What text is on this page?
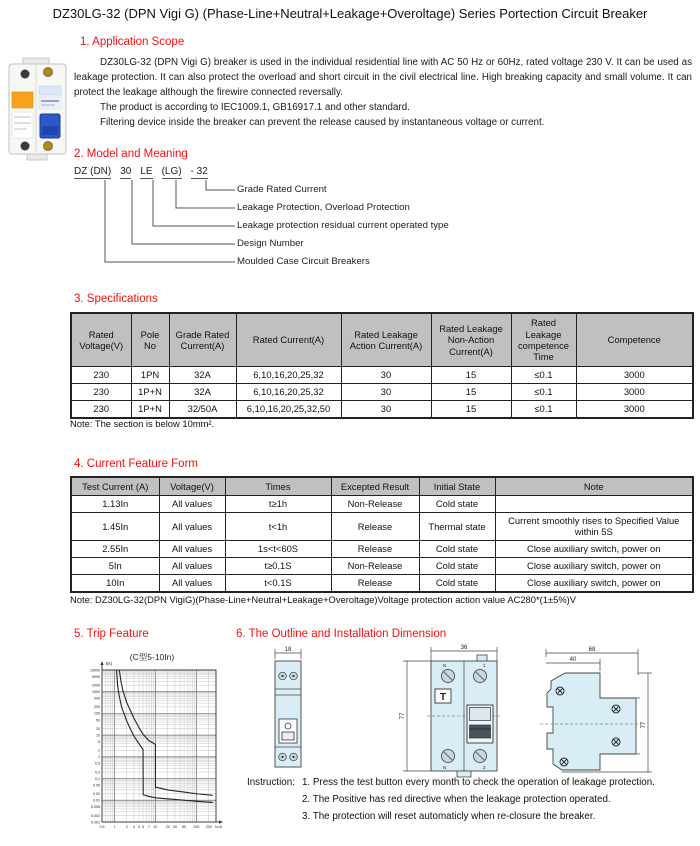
DZ30LG-32 (DPN Vigi G) (Phase-Line+Neutral+Leakage+Overoltage) Series Portection Circuit Breaker
1. Application Scope

DZ30LG-32 (DPN Vigi G) breaker is used in the individual residential line with AC 50 Hz or 60Hz, rated voltage 230 V. It can be used as leakage protection. It can also protect the overload and short circuit in the civil electrical line. High breaking capacity and small volume. It can protect the leakage although the firewire connected reversally.

The product is according to IEC1009.1, GB16917.1 and other standard.

Filtering device inside the breaker can prevent the release caused by instantaneous voltage or current.

2. Model and Meaning
DZ (DN) 30 LE (LG) - 32
Grade Rated Current
Leakage Protection, Overload Protection
Leakage protection residual current operated type
Design Number
Moulded Case Circuit Breakers
3. Specifications
Rated Voltage(V)	Pole No	Grade Rated Current(A)	Rated Current(A)	Rated Leakage Action Current(A)	Rated Leakage Non-Action Current(A)	Rated Leakage competence Time	Competence
230	1PN	32A	6,10,16,20,25,32	30	15	≤0.1	3000
230	1P+N	32A	6,10,16,20,25,32	30	15	≤0.1	3000
230	1P+N	32/50A	6,10,16,20,25,32,50	30	15	≤0.1	3000
Note: The section is below 10mm².
4. Current Feature Form
Test Current (A)	Voltage(V)	Times	Excepted Result	Initial State	Note
1.13In	All values	t≥1h	Non-Release	Cold state	
1.45In	All values	t<1h	Release	Thermal state	Current smoothly rises to Specified Value within 5S
2.55In	All values	1s<t<60S	Release	Cold state	Close auxiliary switch, power on
5In	All values	t≥0.1S	Non-Release	Cold state	Close auxiliary switch, power on
10In	All values	t<0.1S	Release	Cold state	Close auxiliary switch, power on
Note: DZ30LG-32(DPN VigiG)(Phase-Line+Neutral+Leakage+Overoltage)Voltage protection action value AC280*(1±5%)V
5. Trip Feature
(C型5-10In)
0.5 1	2 3 4 5 7 10 20 30 50 100 200
10000
5000
2000
1000
500
200
100
50
20
10
5
2
1
0.5
0.2
0.1
0.05
0.02
0.01
0.005
0.002
0.001
t(s)
In/A
6. The Outline and Installation Dimension
18	36
77
N	1
N	2
T
68
40
77
Instruction: 1. Press the test button every month to check the operation of leakage protection.
2. The Positive has red directive when the leakage protection operated.
3. The protection will reset automaticly when re-closure the breaker.
